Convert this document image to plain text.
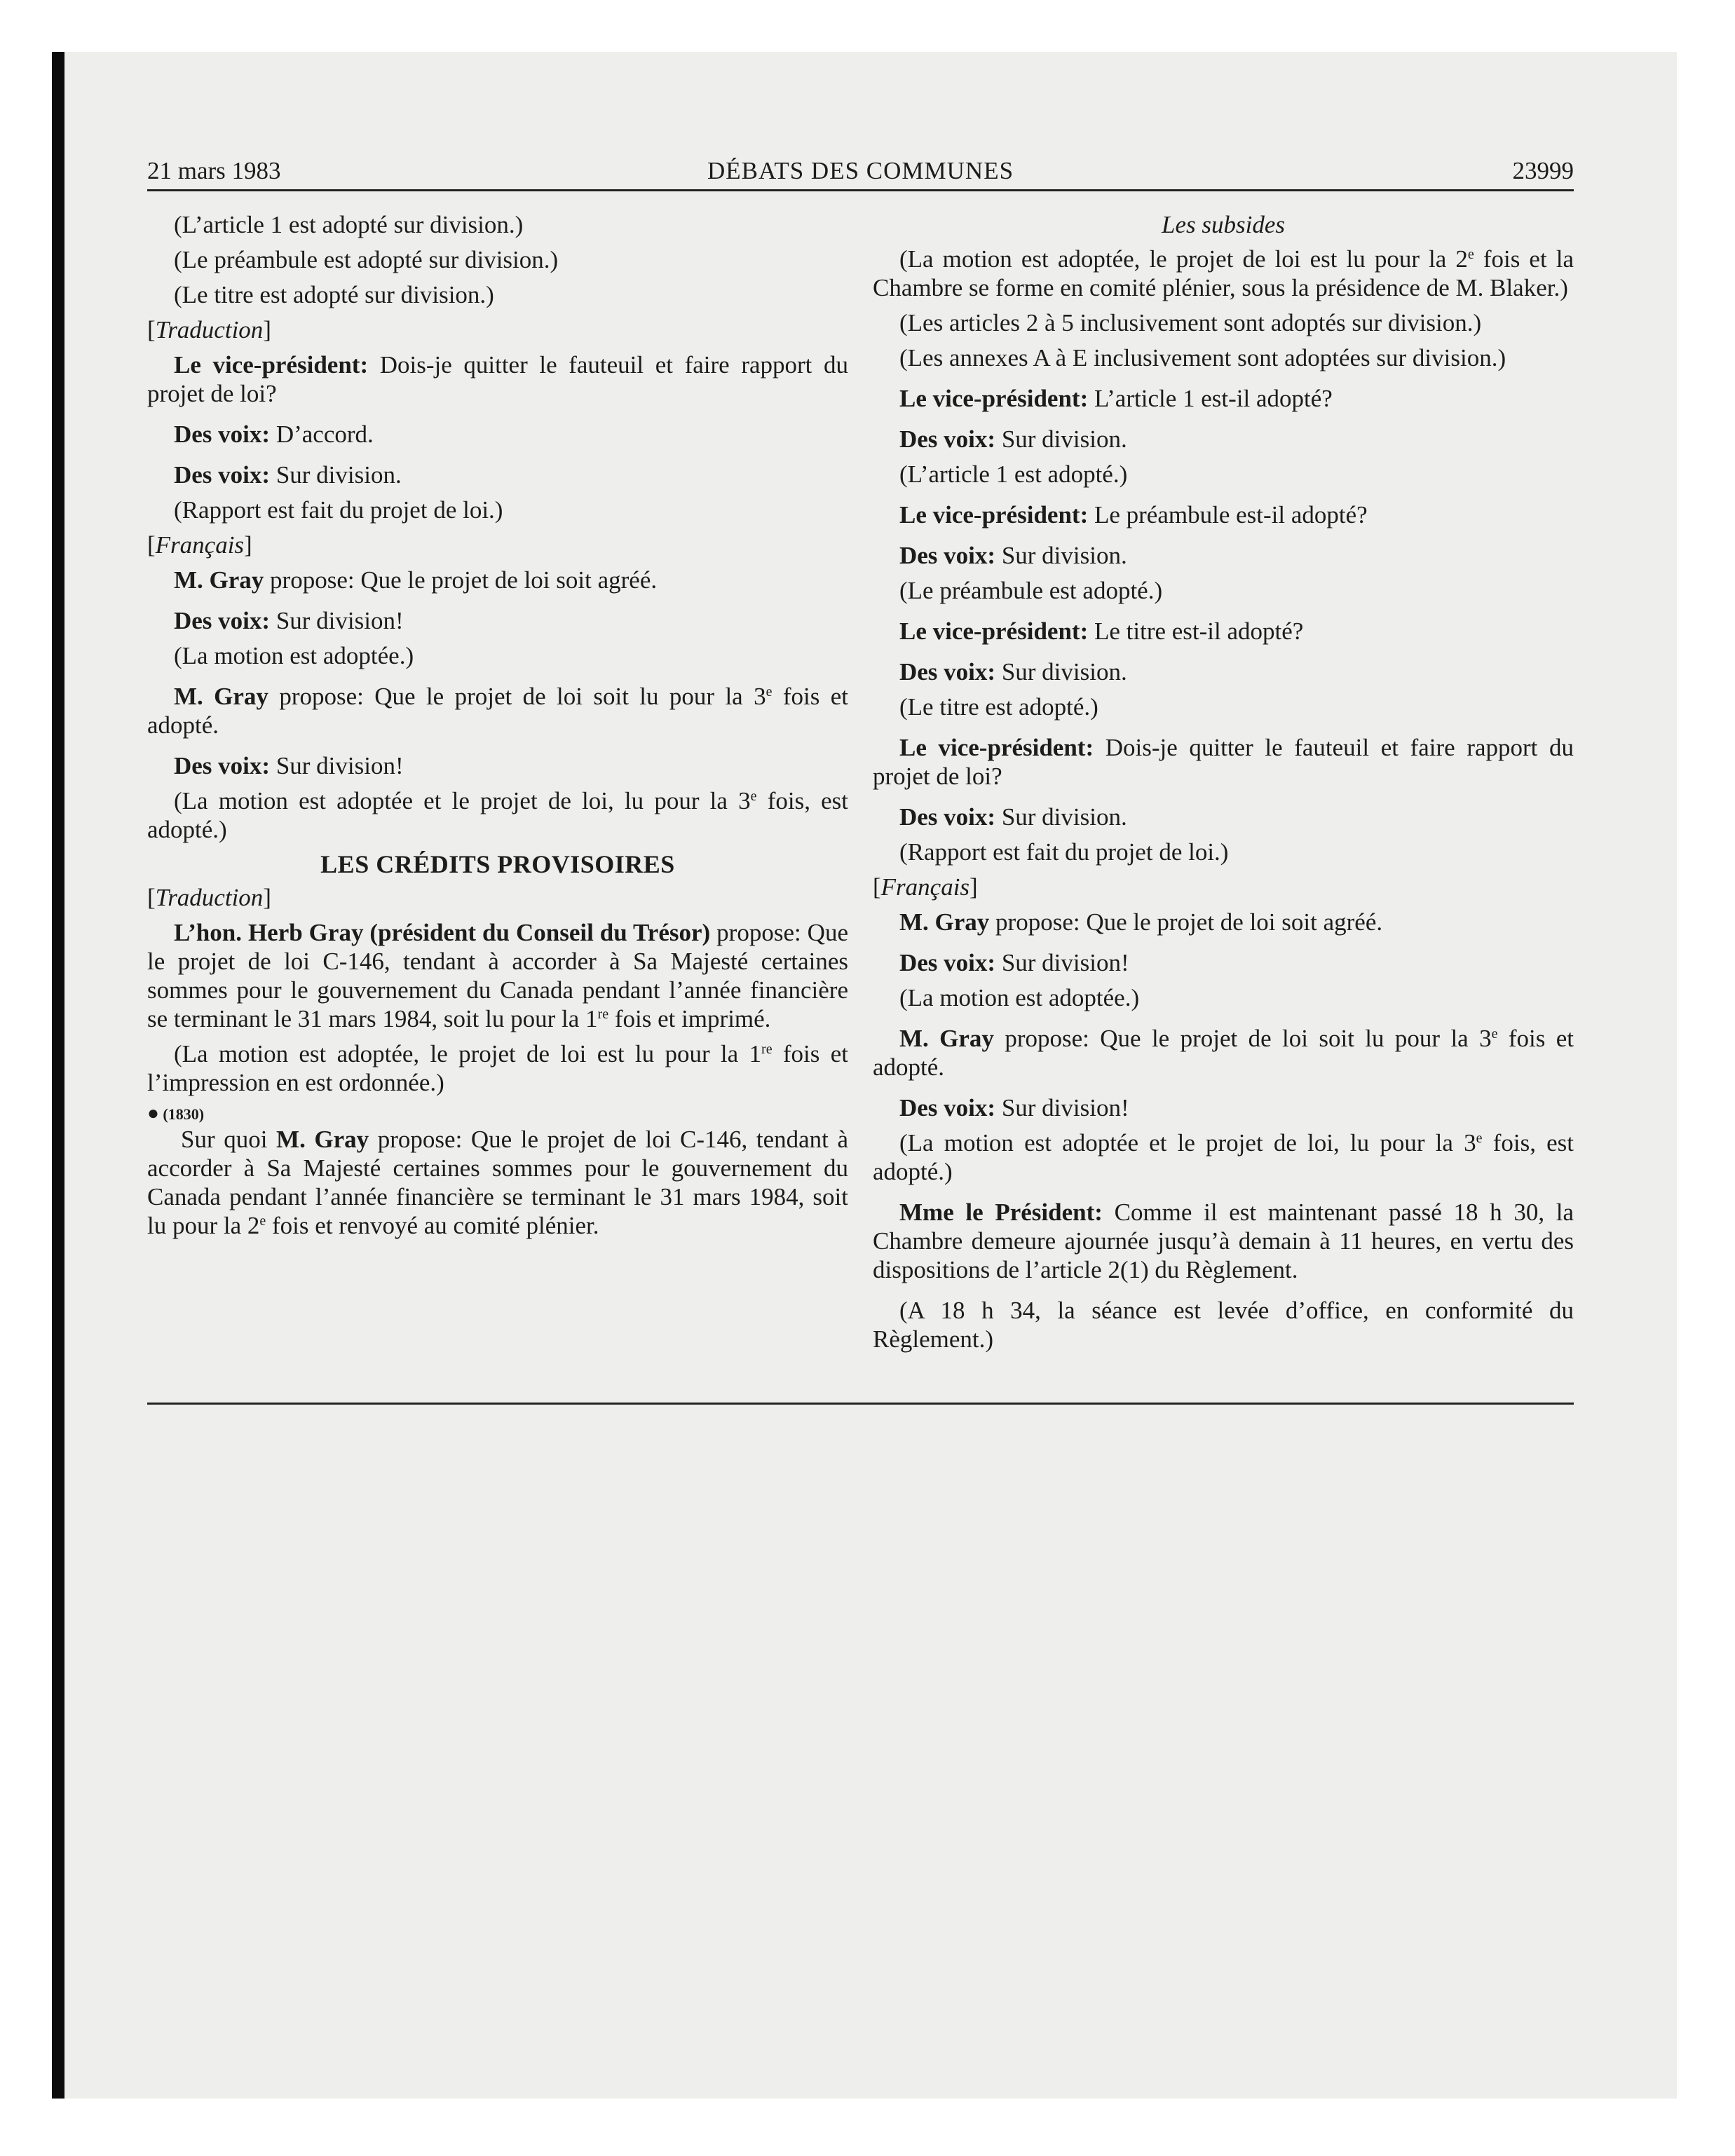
21 mars 1983	DÉBATS DES COMMUNES	23999

(L’article 1 est adopté sur division.)

(Le préambule est adopté sur division.)

(Le titre est adopté sur division.)

[Traduction]

Le vice-président: Dois-je quitter le fauteuil et faire rapport du projet de loi?

Des voix: D’accord.

Des voix: Sur division.

(Rapport est fait du projet de loi.)

[Français]

M. Gray propose: Que le projet de loi soit agréé.

Des voix: Sur division!

(La motion est adoptée.)

M. Gray propose: Que le projet de loi soit lu pour la 3e fois et adopté.

Des voix: Sur division!

(La motion est adoptée et le projet de loi, lu pour la 3e fois, est adopté.)

LES CRÉDITS PROVISOIRES

[Traduction]

L’hon. Herb Gray (président du Conseil du Trésor) propose: Que le projet de loi C-146, tendant à accorder à Sa Majesté certaines sommes pour le gouvernement du Canada pendant l’année financière se terminant le 31 mars 1984, soit lu pour la 1re fois et imprimé.

(La motion est adoptée, le projet de loi est lu pour la 1re fois et l’impression en est ordonnée.)

● (1830)

Sur quoi M. Gray propose: Que le projet de loi C-146, tendant à accorder à Sa Majesté certaines sommes pour le gouvernement du Canada pendant l’année financière se terminant le 31 mars 1984, soit lu pour la 2e fois et renvoyé au comité plénier.

Les subsides

(La motion est adoptée, le projet de loi est lu pour la 2e fois et la Chambre se forme en comité plénier, sous la présidence de M. Blaker.)

(Les articles 2 à 5 inclusivement sont adoptés sur division.)

(Les annexes A à E inclusivement sont adoptées sur division.)

Le vice-président: L’article 1 est-il adopté?

Des voix: Sur division.

(L’article 1 est adopté.)

Le vice-président: Le préambule est-il adopté?

Des voix: Sur division.

(Le préambule est adopté.)

Le vice-président: Le titre est-il adopté?

Des voix: Sur division.

(Le titre est adopté.)

Le vice-président: Dois-je quitter le fauteuil et faire rapport du projet de loi?

Des voix: Sur division.

(Rapport est fait du projet de loi.)

[Français]

M. Gray propose: Que le projet de loi soit agréé.

Des voix: Sur division!

(La motion est adoptée.)

M. Gray propose: Que le projet de loi soit lu pour la 3e fois et adopté.

Des voix: Sur division!

(La motion est adoptée et le projet de loi, lu pour la 3e fois, est adopté.)

Mme le Président: Comme il est maintenant passé 18 h 30, la Chambre demeure ajournée jusqu’à demain à 11 heures, en vertu des dispositions de l’article 2(1) du Règlement.

(A 18 h 34, la séance est levée d’office, en conformité du Règlement.)
